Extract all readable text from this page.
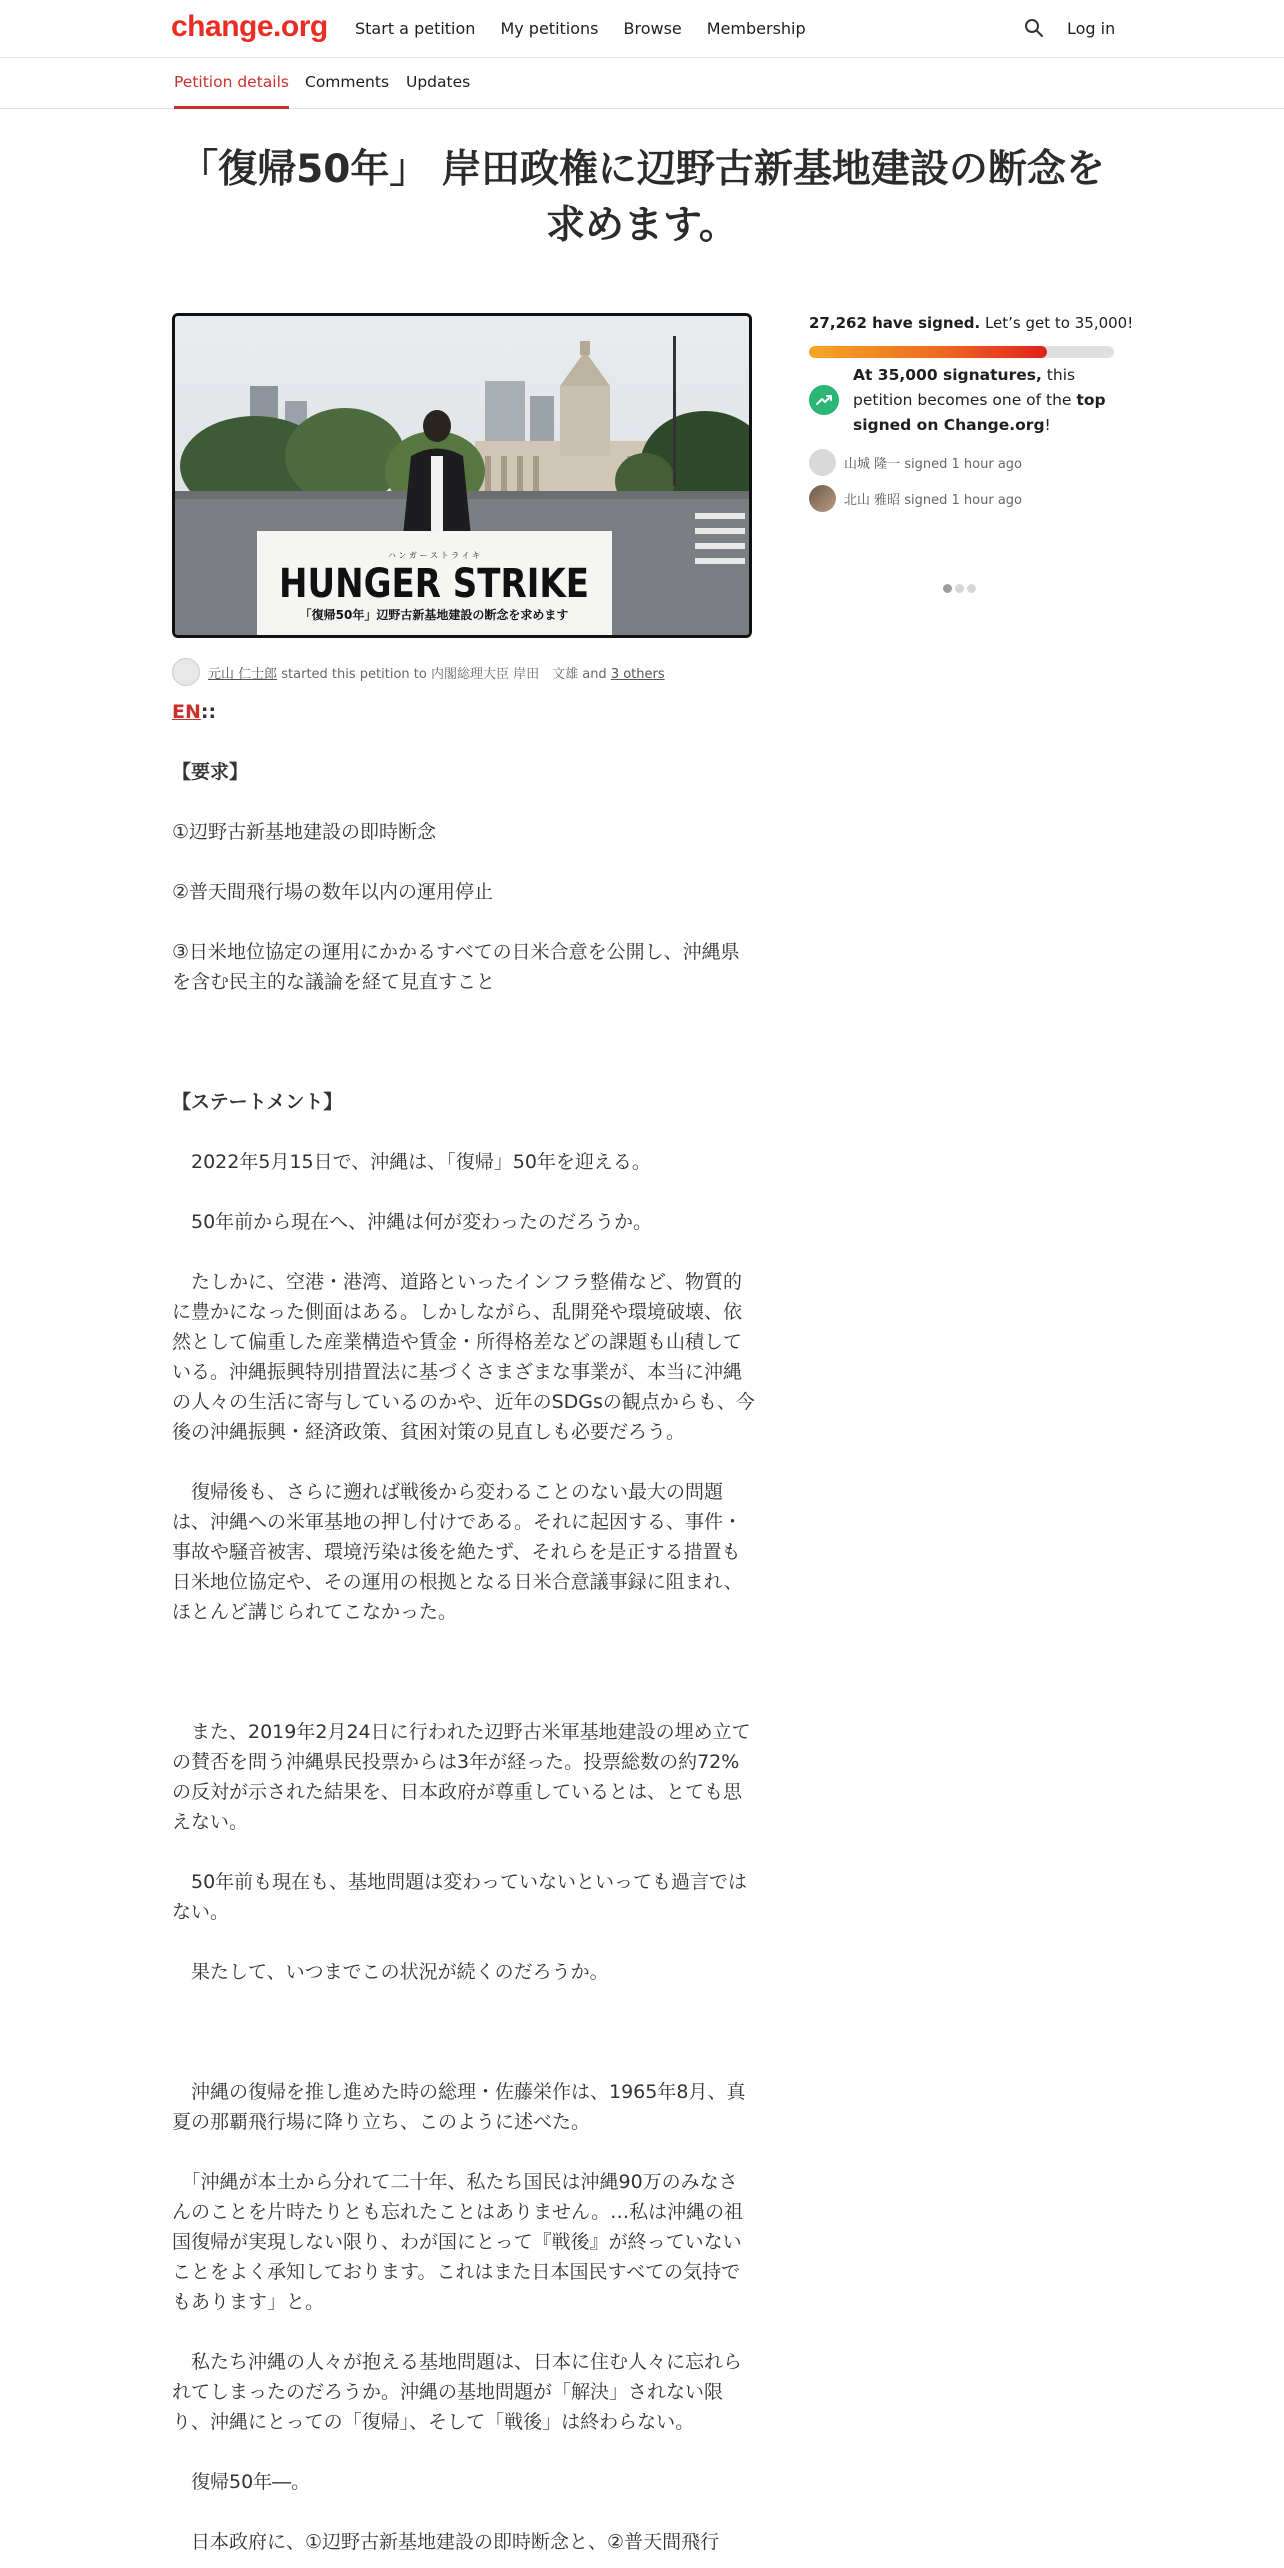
change.org Start a petition My petitions Browse Membership	Log in
Petition details Comments Updates
「復帰50年」 岸田政権に辺野古新基地建設の断念を求めます。
ハ ン ガ ー ス ト ラ イ キ
HUNGER STRIKE
「復帰50年」辺野古新基地建設の断念を求めます
27,262 have signed. Let’s get to 35,000!
At 35,000 signatures, this petition becomes one of the top signed on Change.org!
山城 隆一 signed 1 hour ago
北山 雅昭 signed 1 hour ago
元山 仁士郎 started this petition to 内閣総理大臣 岸田　文雄 and 3 others

EN::

【要求】

①辺野古新基地建設の即時断念

②普天間飛行場の数年以内の運用停止

③日米地位協定の運用にかかるすべての日米合意を公開し、沖縄県を含む民主的な議論を経て見直すこと

【ステートメント】

　2022年5月15日で、沖縄は、「復帰」50年を迎える。

　50年前から現在へ、沖縄は何が変わったのだろうか。

　たしかに、空港・港湾、道路といったインフラ整備など、物質的に豊かになった側面はある。しかしながら、乱開発や環境破壊、依然として偏重した産業構造や賃金・所得格差などの課題も山積している。沖縄振興特別措置法に基づくさまざまな事業が、本当に沖縄の人々の生活に寄与しているのかや、近年のSDGsの観点からも、今後の沖縄振興・経済政策、貧困対策の見直しも必要だろう。

　復帰後も、さらに遡れば戦後から変わることのない最大の問題は、沖縄への米軍基地の押し付けである。それに起因する、事件・事故や騒音被害、環境汚染は後を絶たず、それらを是正する措置も日米地位協定や、その運用の根拠となる日米合意議事録に阻まれ、ほとんど講じられてこなかった。

　また、2019年2月24日に行われた辺野古米軍基地建設の埋め立ての賛否を問う沖縄県民投票からは3年が経った。投票総数の約72%の反対が示された結果を、日本政府が尊重しているとは、とても思えない。

　50年前も現在も、基地問題は変わっていないといっても過言ではない。

　果たして、いつまでこの状況が続くのだろうか。

　沖縄の復帰を推し進めた時の総理・佐藤栄作は、1965年8月、真夏の那覇飛行場に降り立ち、このように述べた。

　「沖縄が本土から分れて二十年、私たち国民は沖縄90万のみなさんのことを片時たりとも忘れたことはありません。…私は沖縄の祖国復帰が実現しない限り、わが国にとって『戦後』が終っていないことをよく承知しております。これはまた日本国民すべての気持でもあります」と。

　私たち沖縄の人々が抱える基地問題は、日本に住む人々に忘れられてしまったのだろうか。沖縄の基地問題が「解決」されない限り、沖縄にとっての「復帰」、そして「戦後」は終わらない。

　復帰50年―。

　日本政府に、①辺野古新基地建設の即時断念と、②普天間飛行
